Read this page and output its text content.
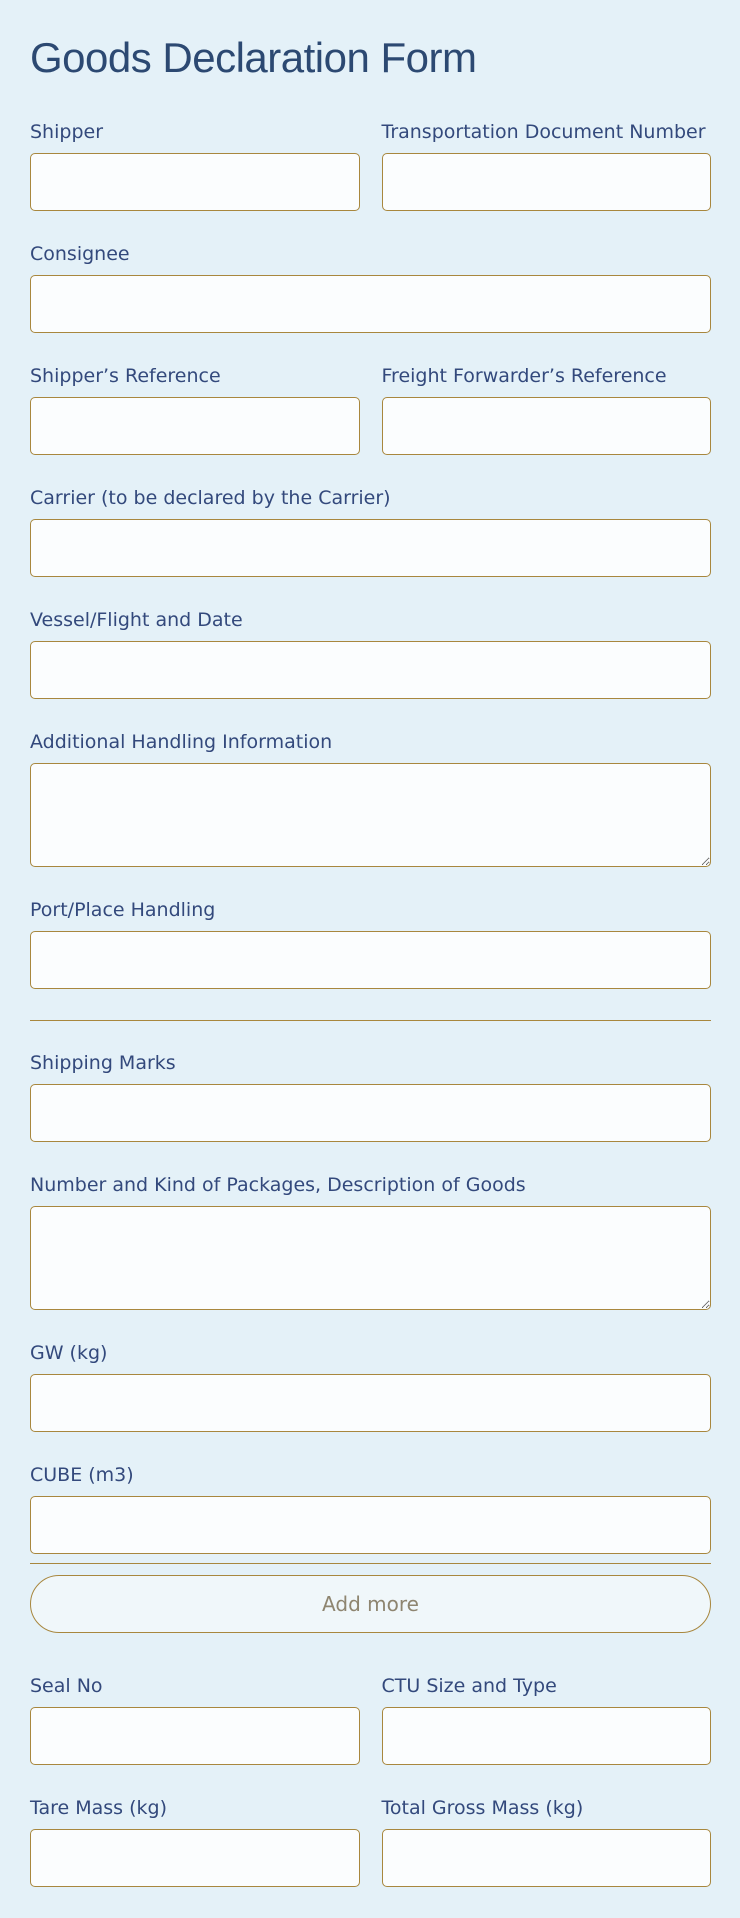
Goods Declaration Form
Shipper	Transportation Document Number
Consignee
Shipper’s Reference	Freight Forwarder’s Reference
Carrier (to be declared by the Carrier)
Vessel/Flight and Date
Additional Handling Information
Port/Place Handling
Shipping Marks
Number and Kind of Packages, Description of Goods
GW (kg)
CUBE (m3)
Add more
Seal No	CTU Size and Type
Tare Mass (kg)	Total Gross Mass (kg)
